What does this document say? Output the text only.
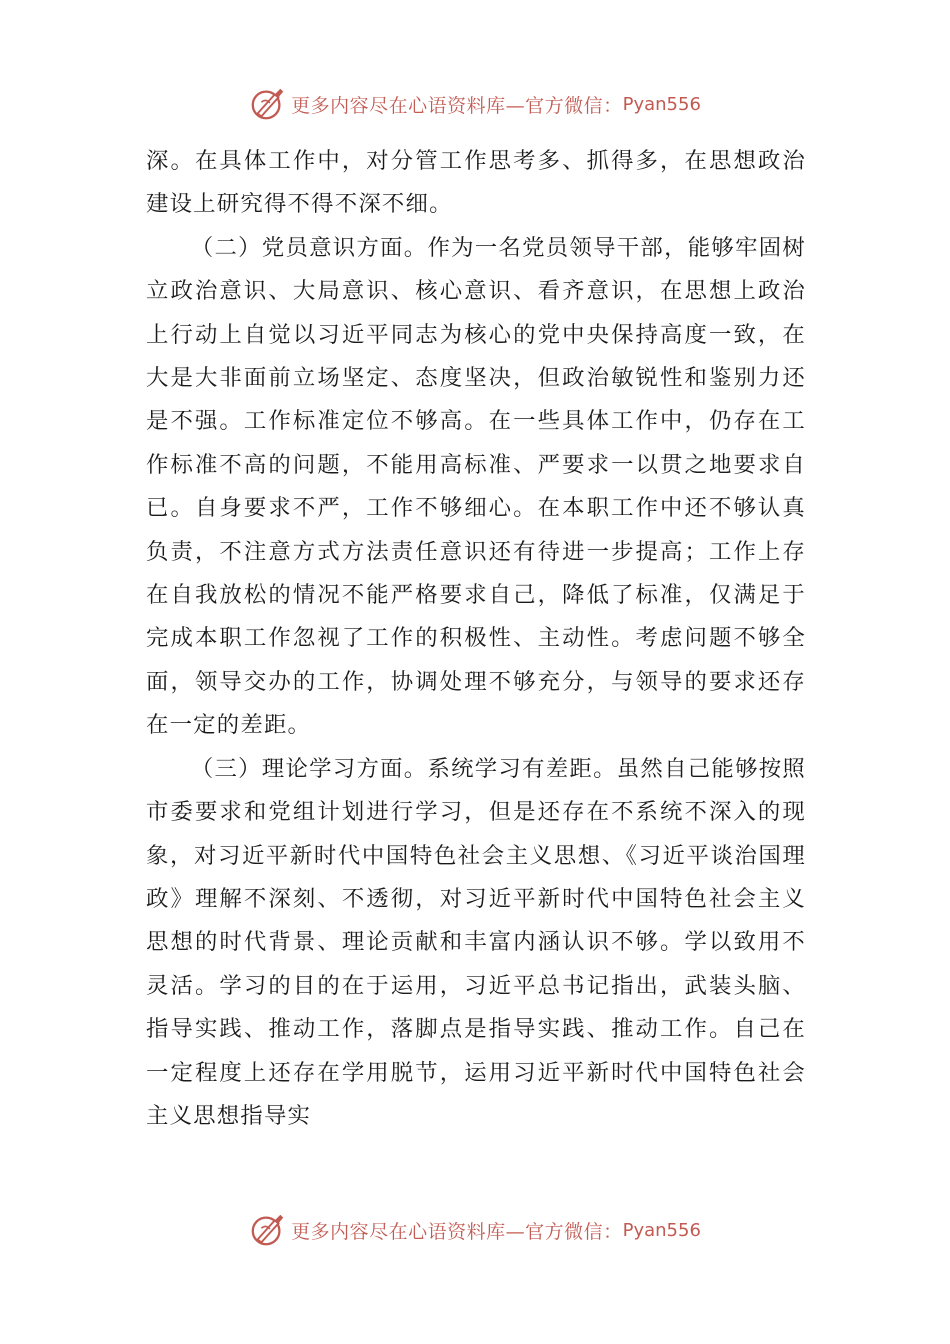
更多内容尽在心语资料库—官方微信： Pyan556

深。在具体工作中，对分管工作思考多、抓得多，在思想政治建设上研究得不得不深不细。

（二）党员意识方面。作为一名党员领导干部，能够牢固树立政治意识、大局意识、核心意识、看齐意识，在思想上政治上行动上自觉以习近平同志为核心的党中央保持高度一致，在大是大非面前立场坚定、态度坚决，但政治敏锐性和鉴别力还是不强。工作标准定位不够高。在一些具体工作中，仍存在工作标准不高的问题，不能用高标准、严要求一以贯之地要求自已。自身要求不严，工作不够细心。在本职工作中还不够认真负责，不注意方式方法责任意识还有待进一步提高；工作上存在自我放松的情况不能严格要求自己，降低了标准，仅满足于完成本职工作忽视了工作的积极性、主动性。考虑问题不够全面，领导交办的工作，协调处理不够充分，与领导的要求还存在一定的差距。

（三）理论学习方面。系统学习有差距。虽然自己能够按照市委要求和党组计划进行学习，但是还存在不系统不深入的现象，对习近平新时代中国特色社会主义思想、《习近平谈治国理政》理解不深刻、不透彻，对习近平新时代中国特色社会主义思想的时代背景、理论贡献和丰富内涵认识不够。学以致用不灵活。学习的目的在于运用，习近平总书记指出，武装头脑、指导实践、推动工作，落脚点是指导实践、推动工作。自己在一定程度上还存在学用脱节，运用习近平新时代中国特色社会主义思想指导实

更多内容尽在心语资料库—官方微信： Pyan556
